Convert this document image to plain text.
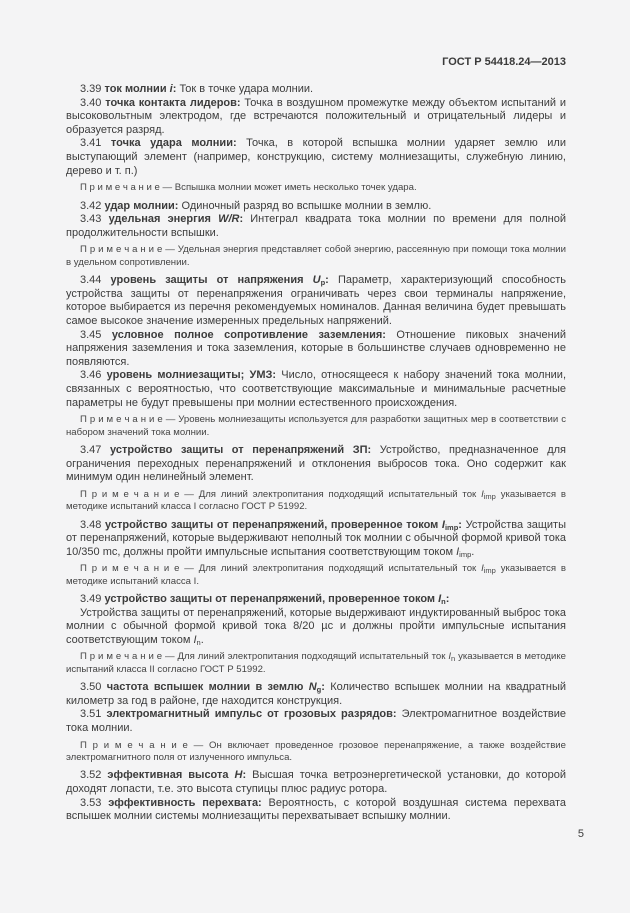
ГОСТ Р 54418.24—2013

3.39 ток молнии i: Ток в точке удара молнии.

3.40 точка контакта лидеров: Точка в воздушном промежутке между объектом испытаний и высоковольтным электродом, где встречаются положительный и отрицательный лидеры и образуется разряд.

3.41 точка удара молнии: Точка, в которой вспышка молнии ударяет землю или выступающий элемент (например, конструкцию, систему молниезащиты, служебную линию, дерево и т. п.)

П р и м е ч а н и е — Вспышка молнии может иметь несколько точек удара.

3.42 удар молнии: Одиночный разряд во вспышке молнии в землю.

3.43 удельная энергия W/R: Интеграл квадрата тока молнии по времени для полной продолжительности вспышки.

П р и м е ч а н и е — Удельная энергия представляет собой энергию, рассеянную при помощи тока молнии в удельном сопротивлении.

3.44 уровень защиты от напряжения Up: Параметр, характеризующий способность устройства защиты от перенапряжения ограничивать через свои терминалы напряжение, которое выбирается из перечня рекомендуемых номиналов. Данная величина будет превышать самое высокое значение измеренных предельных напряжений.

3.45 условное полное сопротивление заземления: Отношение пиковых значений напряжения заземления и тока заземления, которые в большинстве случаев одновременно не появляются.

3.46 уровень молниезащиты; УМЗ: Число, относящееся к набору значений тока молнии, связанных с вероятностью, что соответствующие максимальные и минимальные расчетные параметры не будут превышены при молнии естественного происхождения.

П р и м е ч а н и е — Уровень молниезащиты используется для разработки защитных мер в соответствии с набором значений тока молнии.

3.47 устройство защиты от перенапряжений ЗП: Устройство, предназначенное для ограничения переходных перенапряжений и отклонения выбросов тока. Оно содержит как минимум один нелинейный элемент.

П р и м е ч а н и е — Для линий электропитания подходящий испытательный ток $I_{imp}$ указывается в методике испытаний класса I согласно ГОСТ Р 51992.

3.48 устройство защиты от перенапряжений, проверенное током Iimp: Устройства защиты от перенапряжений, которые выдерживают неполный ток молнии с обычной формой кривой тока 10/350 mc, должны пройти импульсные испытания соответствующим током Iimp.

П р и м е ч а н и е — Для линий электропитания подходящий испытательный ток $I_{imp}$ указывается в методике испытаний класса I.

3.49 устройство защиты от перенапряжений, проверенное током In:

Устройства защиты от перенапряжений, которые выдерживают индуктированный выброс тока молнии с обычной формой кривой тока 8/20 µс и должны пройти импульсные испытания соответствующим током In.

П р и м е ч а н и е — Для линий электропитания подходящий испытательный ток $I_n$ указывается в методике испытаний класса II согласно ГОСТ Р 51992.

3.50 частота вспышек молнии в землю Ng: Количество вспышек молнии на квадратный километр за год в районе, где находится конструкция.

3.51 электромагнитный импульс от грозовых разрядов: Электромагнитное воздействие тока молнии.

П р и м е ч а н и е — Он включает проведенное грозовое перенапряжение, а также воздействие электромагнитного поля от излученного импульса.

3.52 эффективная высота H: Высшая точка ветроэнергетической установки, до которой доходят лопасти, т.е. это высота ступицы плюс радиус ротора.

3.53 эффективность перехвата: Вероятность, с которой воздушная система перехвата вспышек молнии системы молниезащиты перехватывает вспышку молнии.

5
